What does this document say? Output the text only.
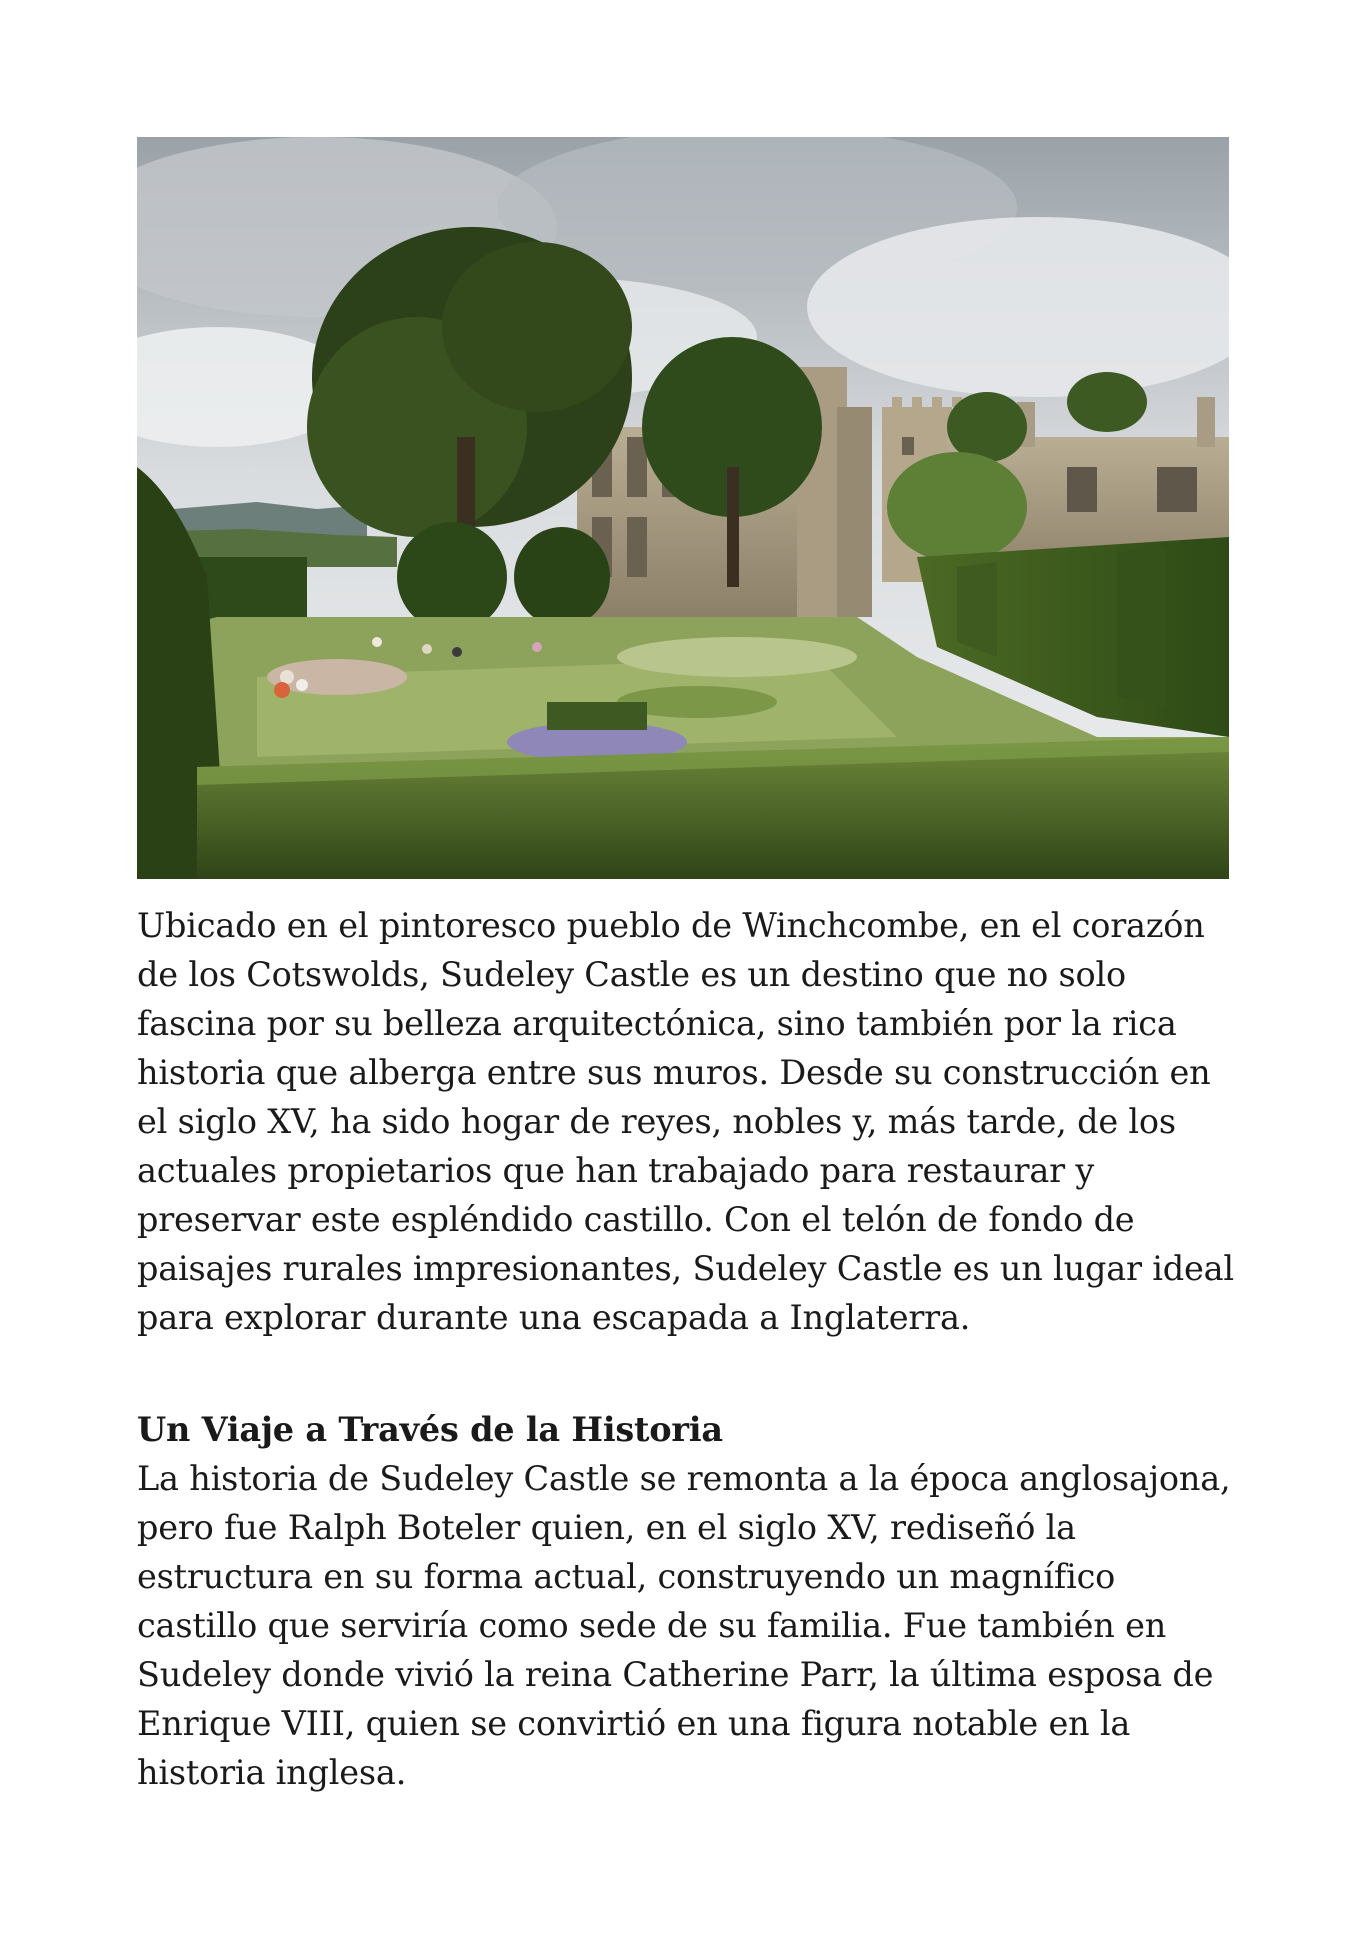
Ubicado en el pintoresco pueblo de Winchcombe, en el corazón
de los Cotswolds, Sudeley Castle es un destino que no solo
fascina por su belleza arquitectónica, sino también por la rica
historia que alberga entre sus muros. Desde su construcción en
el siglo XV, ha sido hogar de reyes, nobles y, más tarde, de los
actuales propietarios que han trabajado para restaurar y
preservar este espléndido castillo. Con el telón de fondo de
paisajes rurales impresionantes, Sudeley Castle es un lugar ideal
para explorar durante una escapada a Inglaterra.

Un Viaje a Través de la Historia

La historia de Sudeley Castle se remonta a la época anglosajona,
pero fue Ralph Boteler quien, en el siglo XV, rediseñó la
estructura en su forma actual, construyendo un magnífico
castillo que serviría como sede de su familia. Fue también en
Sudeley donde vivió la reina Catherine Parr, la última esposa de
Enrique VIII, quien se convirtió en una figura notable en la
historia inglesa.
